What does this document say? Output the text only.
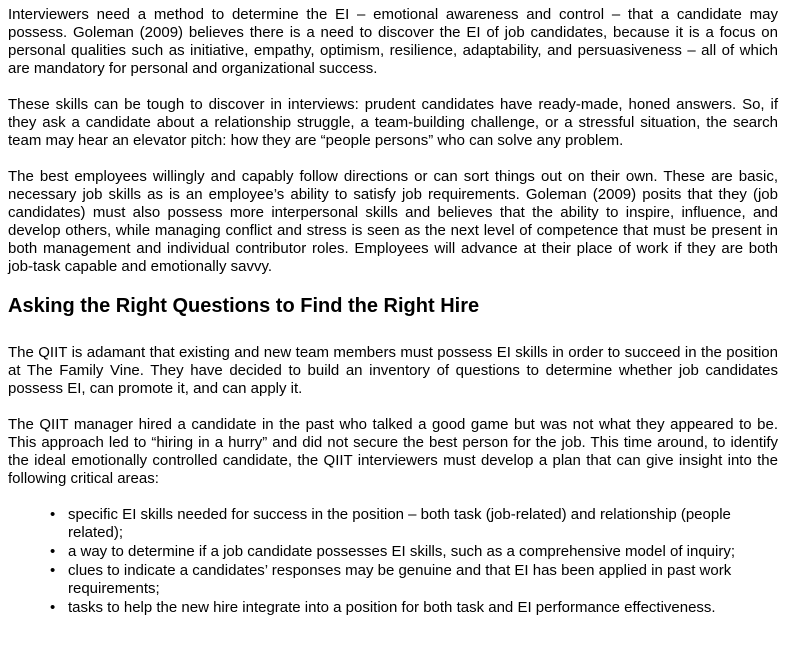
Interviewers need a method to determine the EI – emotional awareness and control – that a candidate may possess. Goleman (2009) believes there is a need to discover the EI of job candidates, because it is a focus on personal qualities such as initiative, empathy, optimism, resilience, adaptability, and persuasiveness – all of which are mandatory for personal and organizational success.

These skills can be tough to discover in interviews: prudent candidates have ready-made, honed answers. So, if they ask a candidate about a relationship struggle, a team-building challenge, or a stressful situation, the search team may hear an elevator pitch: how they are “people persons” who can solve any problem.

The best employees willingly and capably follow directions or can sort things out on their own. These are basic, necessary job skills as is an employee’s ability to satisfy job requirements. Goleman (2009) posits that they (job candidates) must also possess more interpersonal skills and believes that the ability to inspire, influence, and develop others, while managing conflict and stress is seen as the next level of competence that must be present in both management and individual contributor roles. Employees will advance at their place of work if they are both job-task capable and emotionally savvy.

Asking the Right Questions to Find the Right Hire

The QIIT is adamant that existing and new team members must possess EI skills in order to succeed in the position at The Family Vine. They have decided to build an inventory of questions to determine whether job candidates possess EI, can promote it, and can apply it.

The QIIT manager hired a candidate in the past who talked a good game but was not what they appeared to be. This approach led to “hiring in a hurry” and did not secure the best person for the job. This time around, to identify the ideal emotionally controlled candidate, the QIIT interviewers must develop a plan that can give insight into the following critical areas:

• specific EI skills needed for success in the position – both task (job-related) and relationship (people related);
• a way to determine if a job candidate possesses EI skills, such as a comprehensive model of inquiry;
• clues to indicate a candidates’ responses may be genuine and that EI has been applied in past work requirements;
• tasks to help the new hire integrate into a position for both task and EI performance effectiveness.
